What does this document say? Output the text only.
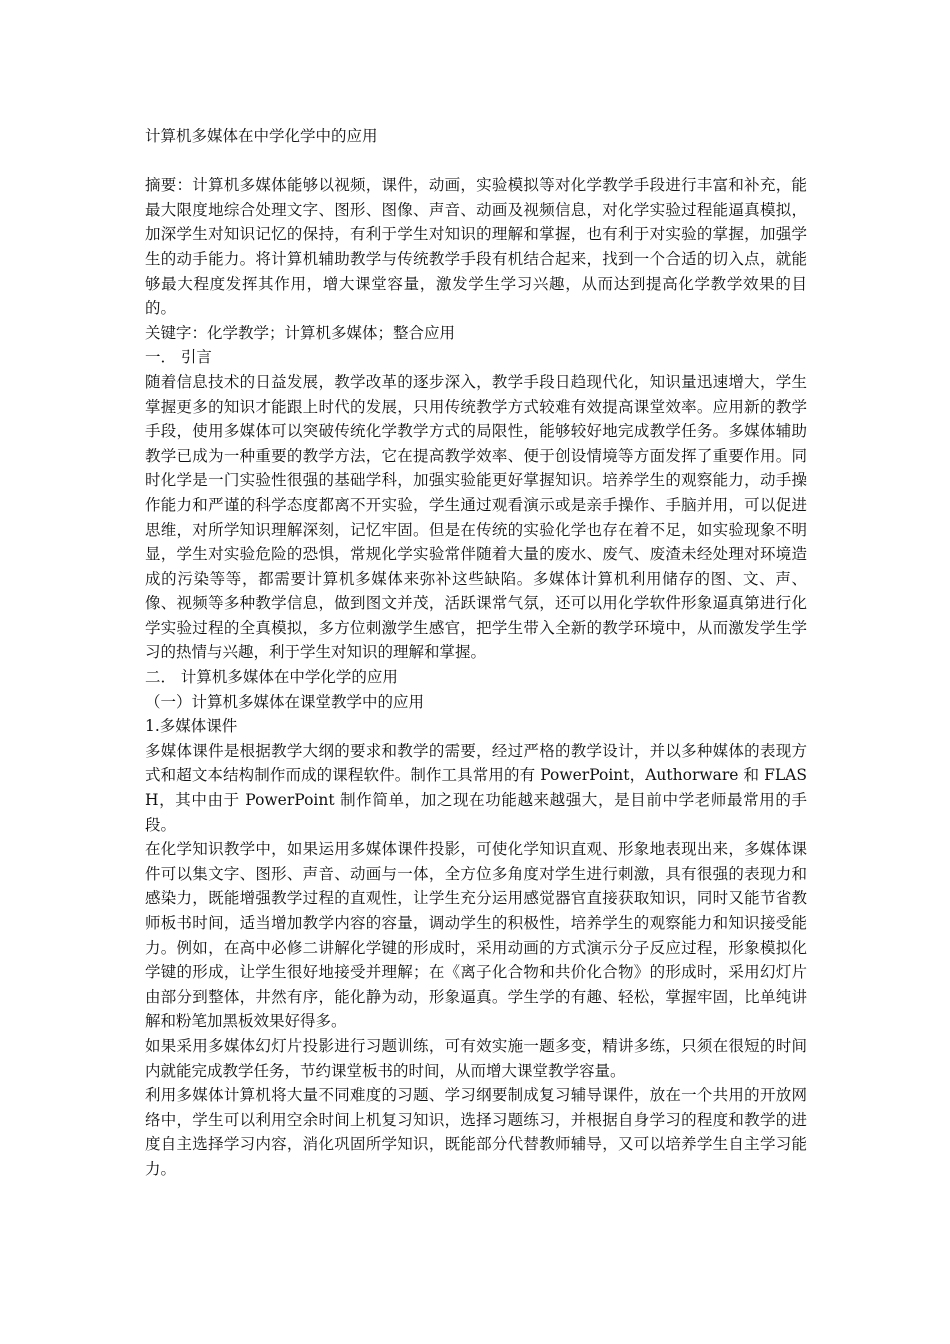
计算机多媒体在中学化学中的应用

摘要：计算机多媒体能够以视频，课件，动画，实验模拟等对化学教学手段进行丰富和补充，能最大限度地综合处理文字、图形、图像、声音、动画及视频信息，对化学实验过程能逼真模拟，加深学生对知识记忆的保持，有利于学生对知识的理解和掌握，也有利于对实验的掌握，加强学生的动手能力。将计算机辅助教学与传统教学手段有机结合起来，找到一个合适的切入点，就能够最大程度发挥其作用，增大课堂容量，激发学生学习兴趣，从而达到提高化学教学效果的目的。

关键字：化学教学；计算机多媒体；整合应用

一． 引言

随着信息技术的日益发展，教学改革的逐步深入，教学手段日趋现代化，知识量迅速增大，学生掌握更多的知识才能跟上时代的发展，只用传统教学方式较难有效提高课堂效率。应用新的教学手段，使用多媒体可以突破传统化学教学方式的局限性，能够较好地完成教学任务。多媒体辅助教学已成为一种重要的教学方法，它在提高教学效率、便于创设情境等方面发挥了重要作用。同时化学是一门实验性很强的基础学科，加强实验能更好掌握知识。培养学生的观察能力，动手操作能力和严谨的科学态度都离不开实验，学生通过观看演示或是亲手操作、手脑并用，可以促进思维，对所学知识理解深刻，记忆牢固。但是在传统的实验化学也存在着不足，如实验现象不明显，学生对实验危险的恐惧，常规化学实验常伴随着大量的废水、废气、废渣未经处理对环境造成的污染等等，都需要计算机多媒体来弥补这些缺陷。多媒体计算机利用储存的图、文、声、像、视频等多种教学信息，做到图文并茂，活跃课常气氛，还可以用化学软件形象逼真第进行化学实验过程的全真模拟，多方位刺激学生感官，把学生带入全新的教学环境中，从而激发学生学习的热情与兴趣，利于学生对知识的理解和掌握。

二． 计算机多媒体在中学化学的应用

（一）计算机多媒体在课堂教学中的应用

1.多媒体课件

多媒体课件是根据教学大纲的要求和教学的需要，经过严格的教学设计，并以多种媒体的表现方式和超文本结构制作而成的课程软件。制作工具常用的有 PowerPoint，Authorware 和 FLASH，其中由于 PowerPoint 制作简单，加之现在功能越来越强大，是目前中学老师最常用的手段。

在化学知识教学中，如果运用多媒体课件投影，可使化学知识直观、形象地表现出来，多媒体课件可以集文字、图形、声音、动画与一体，全方位多角度对学生进行刺激，具有很强的表现力和感染力，既能增强教学过程的直观性，让学生充分运用感觉器官直接获取知识，同时又能节省教师板书时间，适当增加教学内容的容量，调动学生的积极性，培养学生的观察能力和知识接受能力。例如，在高中必修二讲解化学键的形成时，采用动画的方式演示分子反应过程，形象模拟化学键的形成，让学生很好地接受并理解；在《离子化合物和共价化合物》的形成时，采用幻灯片由部分到整体，井然有序，能化静为动，形象逼真。学生学的有趣、轻松，掌握牢固，比单纯讲解和粉笔加黑板效果好得多。

如果采用多媒体幻灯片投影进行习题训练，可有效实施一题多变，精讲多练，只须在很短的时间内就能完成教学任务，节约课堂板书的时间，从而增大课堂教学容量。

利用多媒体计算机将大量不同难度的习题、学习纲要制成复习辅导课件，放在一个共用的开放网络中，学生可以利用空余时间上机复习知识，选择习题练习，并根据自身学习的程度和教学的进度自主选择学习内容，消化巩固所学知识，既能部分代替教师辅导，又可以培养学生自主学习能力。
